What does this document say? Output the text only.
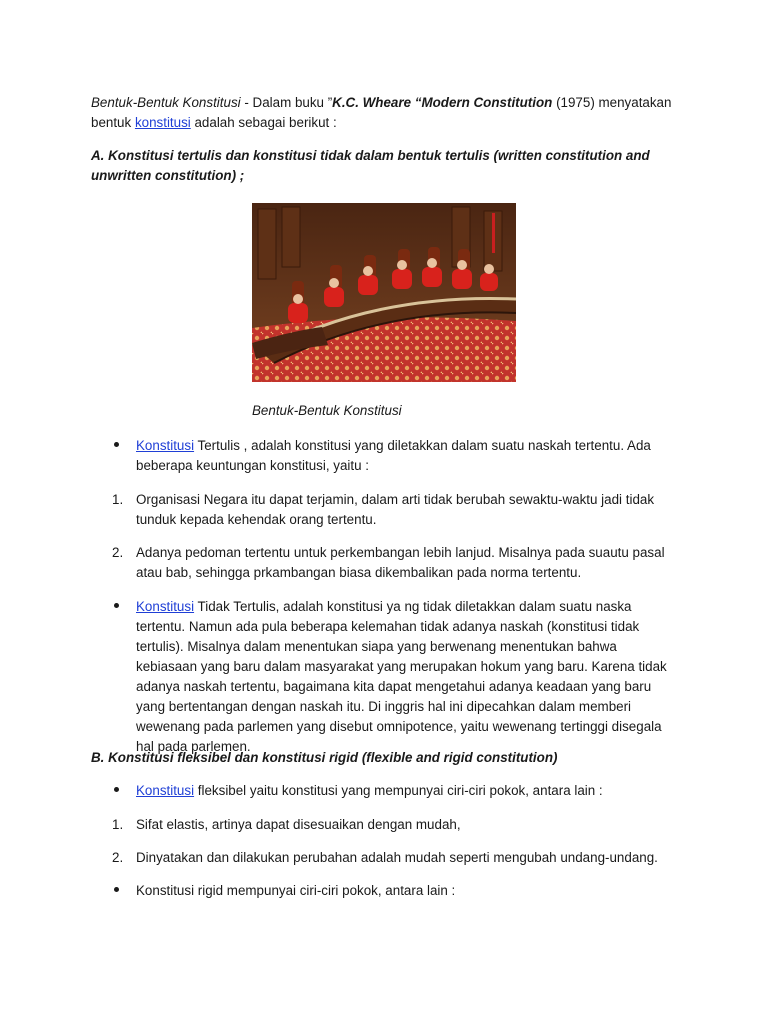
Bentuk-Bentuk Konstitusi - Dalam buku ”K.C. Wheare “Modern Constitution (1975) menyatakan
bentuk konstitusi adalah sebagai berikut :

A. Konstitusi tertulis dan konstitusi tidak dalam bentuk tertulis (written constitution and unwritten constitution) ;

Bentuk-Bentuk Konstitusi

Konstitusi Tertulis , adalah konstitusi yang diletakkan dalam suatu naskah tertentu. Ada beberapa keuntungan konstitusi, yaitu :

1. Organisasi Negara itu dapat terjamin, dalam arti tidak berubah sewaktu-waktu jadi tidak tunduk kepada kehendak orang tertentu.

2. Adanya pedoman tertentu untuk perkembangan lebih lanjud. Misalnya pada suautu pasal atau bab, sehingga prkambangan biasa dikembalikan pada norma tertentu.

Konstitusi Tidak Tertulis, adalah konstitusi ya ng tidak diletakkan dalam suatu naska tertentu. Namun ada pula beberapa kelemahan tidak adanya naskah (konstitusi tidak tertulis). Misalnya dalam menentukan siapa yang berwenang menentukan bahwa kebiasaan yang baru dalam masyarakat yang merupakan hokum yang baru. Karena tidak adanya naskah tertentu, bagaimana kita dapat mengetahui adanya keadaan yang baru yang bertentangan dengan naskah itu. Di inggris hal ini dipecahkan dalam memberi wewenang pada parlemen yang disebut omnipotence, yaitu wewenang tertinggi disegala hal pada parlemen.

B. Konstitusi fleksibel dan konstitusi rigid (flexible and rigid constitution)

Konstitusi fleksibel yaitu konstitusi yang mempunyai ciri-ciri pokok, antara lain :

1. Sifat elastis, artinya dapat disesuaikan dengan mudah,

2. Dinyatakan dan dilakukan perubahan adalah mudah seperti mengubah undang-undang.

Konstitusi rigid mempunyai ciri-ciri pokok, antara lain :
